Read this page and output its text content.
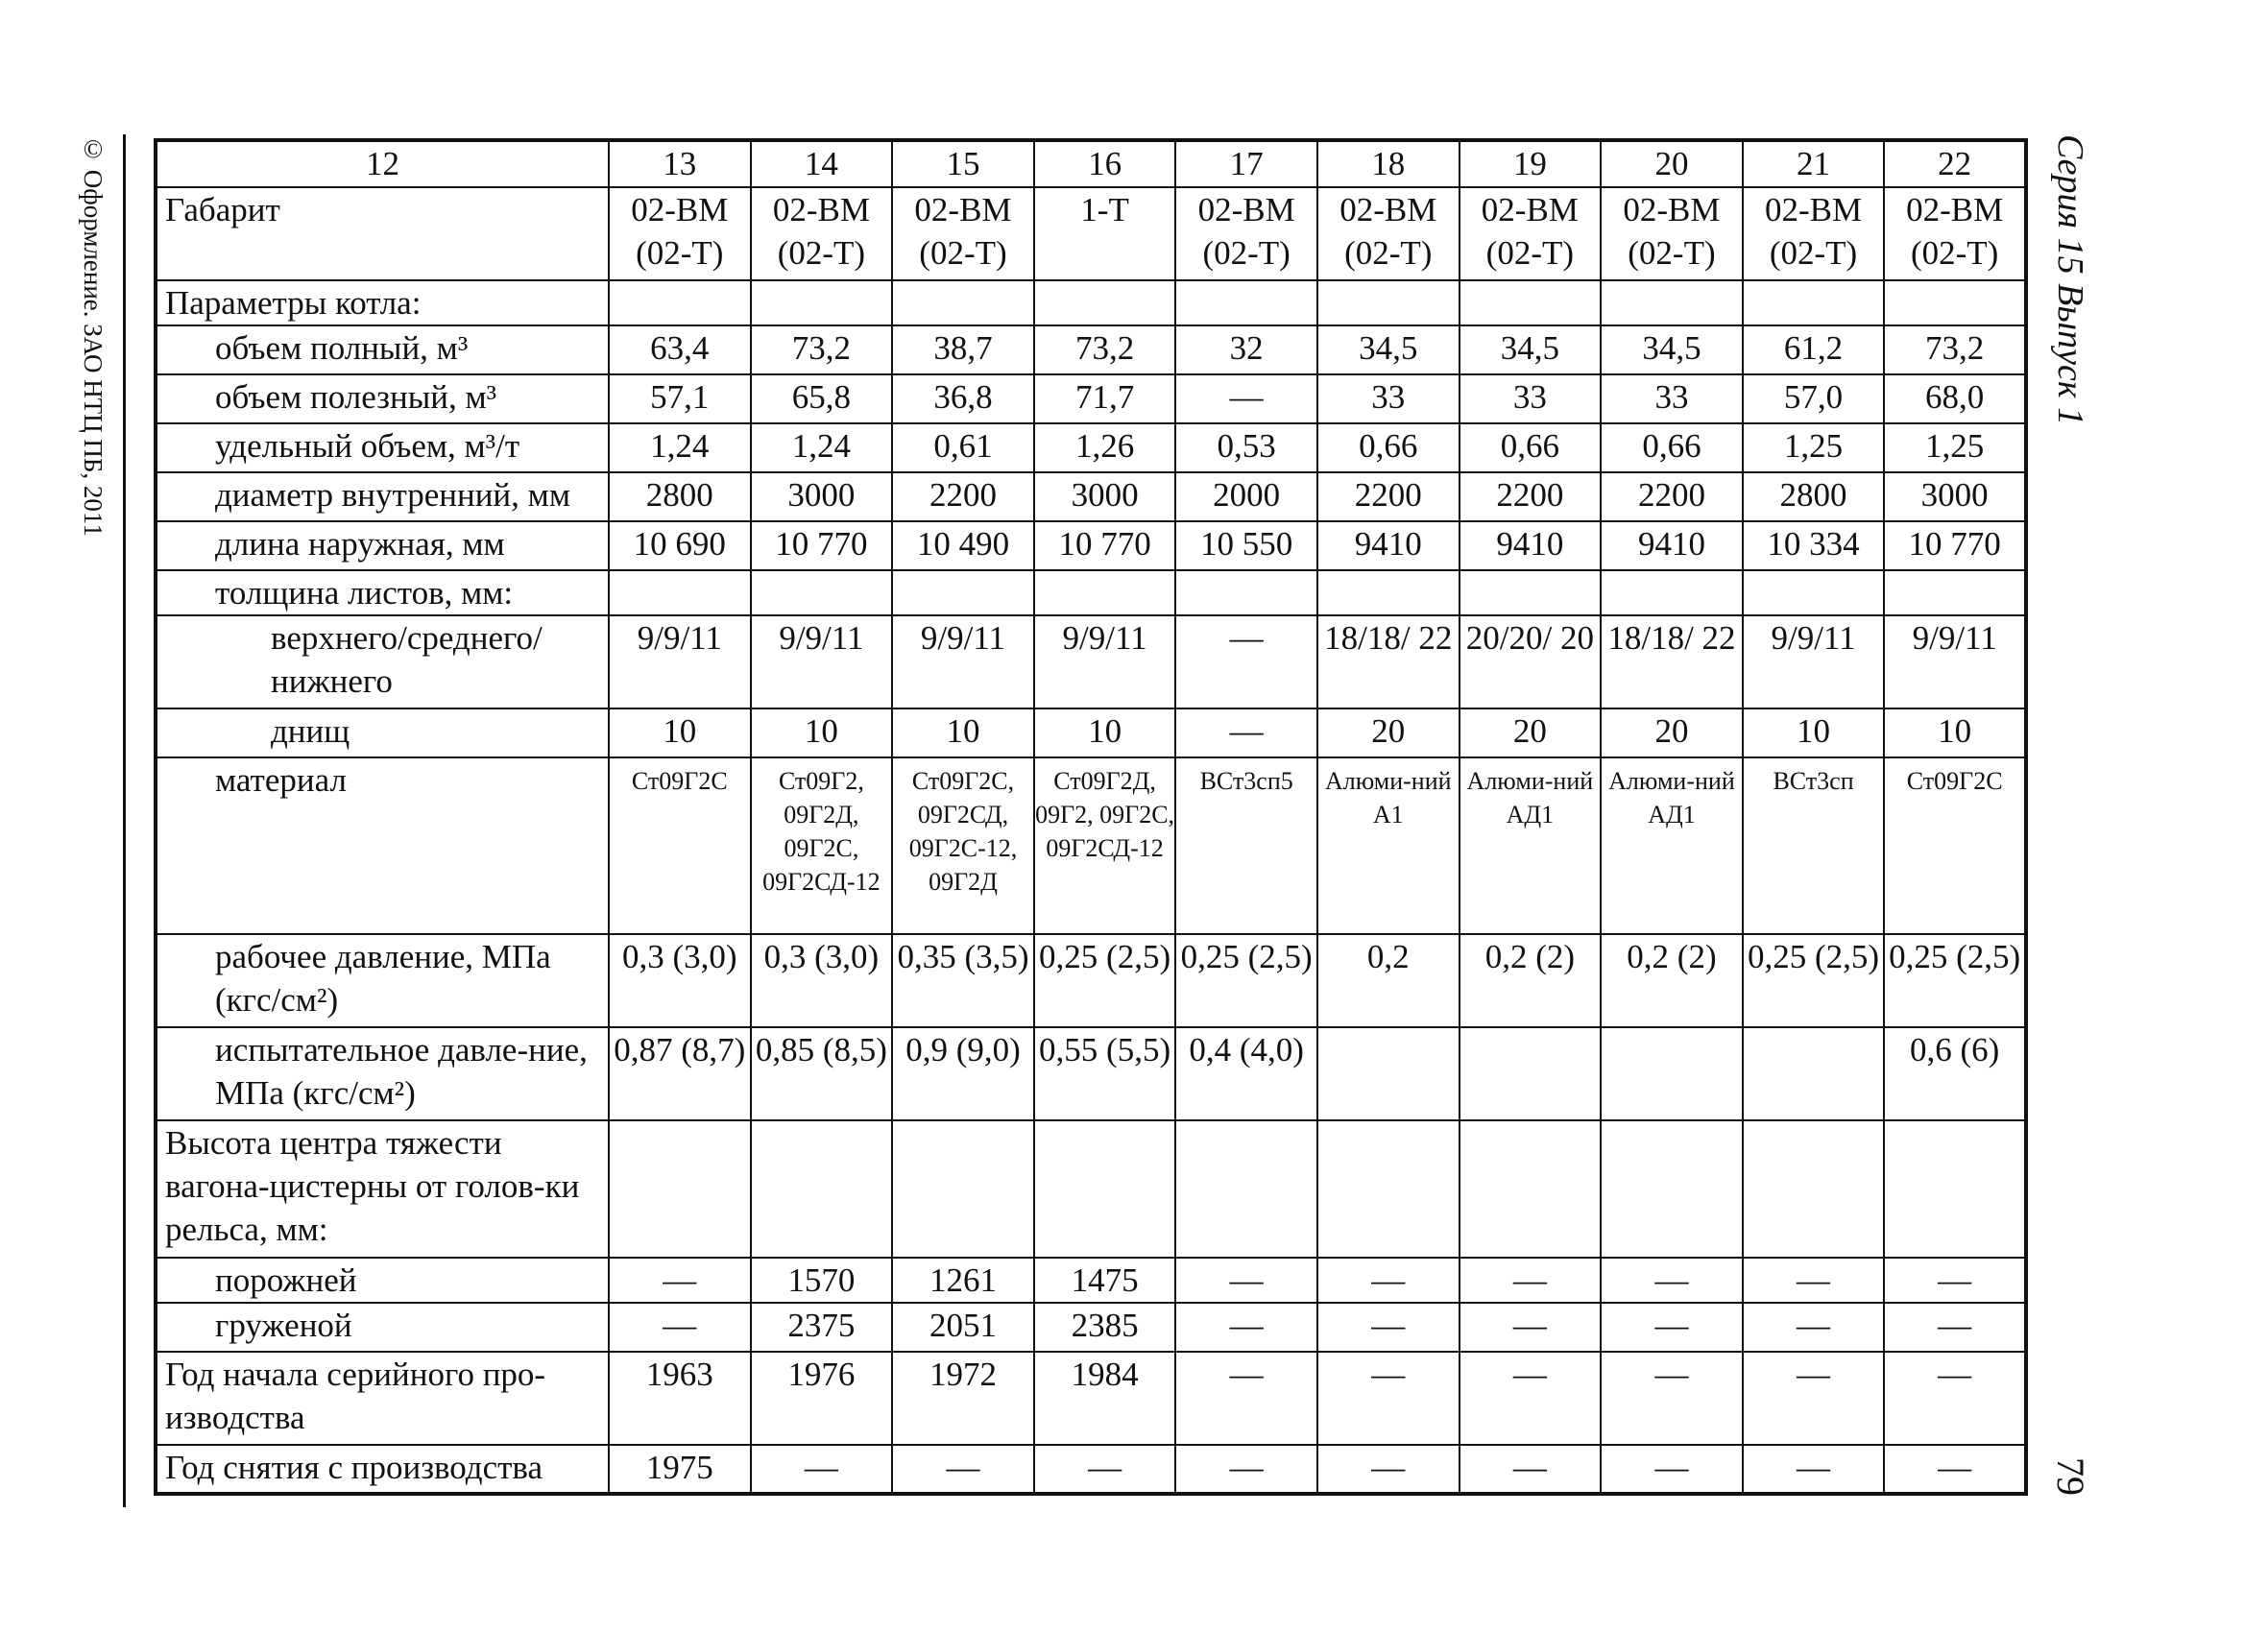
© Оформление. ЗАО НТЦ ПБ, 2011	Серия 15 Выпуск 1
79
12	13	14	15	16	17	18	19	20	21	22
Габарит	02-ВМ (02-Т)	02-ВМ (02-Т)	02-ВМ (02-Т)	1-Т	02-ВМ (02-Т)	02-ВМ (02-Т)	02-ВМ (02-Т)	02-ВМ (02-Т)	02-ВМ (02-Т)	02-ВМ (02-Т)
Параметры котла:										
объем полный, м³	63,4	73,2	38,7	73,2	32	34,5	34,5	34,5	61,2	73,2
объем полезный, м³	57,1	65,8	36,8	71,7	—	33	33	33	57,0	68,0
удельный объем, м³/т	1,24	1,24	0,61	1,26	0,53	0,66	0,66	0,66	1,25	1,25
диаметр внутренний, мм	2800	3000	2200	3000	2000	2200	2200	2200	2800	3000
длина наружная, мм	10 690	10 770	10 490	10 770	10 550	9410	9410	9410	10 334	10 770
толщина листов, мм:										
верхнего/среднего/ нижнего	9/9/11	9/9/11	9/9/11	9/9/11	—	18/18/ 22	20/20/ 20	18/18/ 22	9/9/11	9/9/11
днищ	10	10	10	10	—	20	20	20	10	10
материал	Ст09Г2С	Ст09Г2, 09Г2Д, 09Г2С, 09Г2СД-12	Ст09Г2С, 09Г2СД, 09Г2С-12, 09Г2Д	Ст09Г2Д, 09Г2, 09Г2С, 09Г2СД-12	ВСт3сп5	Алюми-ний А1	Алюми-ний АД1	Алюми-ний АД1	ВСт3сп	Ст09Г2С
рабочее давление, МПа (кгс/см²)	0,3 (3,0)	0,3 (3,0)	0,35 (3,5)	0,25 (2,5)	0,25 (2,5)	0,2	0,2 (2)	0,2 (2)	0,25 (2,5)	0,25 (2,5)
испытательное давле-ние, МПа (кгс/см²)	0,87 (8,7)	0,85 (8,5)	0,9 (9,0)	0,55 (5,5)	0,4 (4,0)					0,6 (6)
Высота центра тяжести вагона-цистерны от голов-ки рельса, мм:										
порожней	—	1570	1261	1475	—	—	—	—	—	—
груженой	—	2375	2051	2385	—	—	—	—	—	—
Год начала серийного про-изводства	1963	1976	1972	1984	—	—	—	—	—	—
Год снятия с производства	1975	—	—	—	—	—	—	—	—	—
